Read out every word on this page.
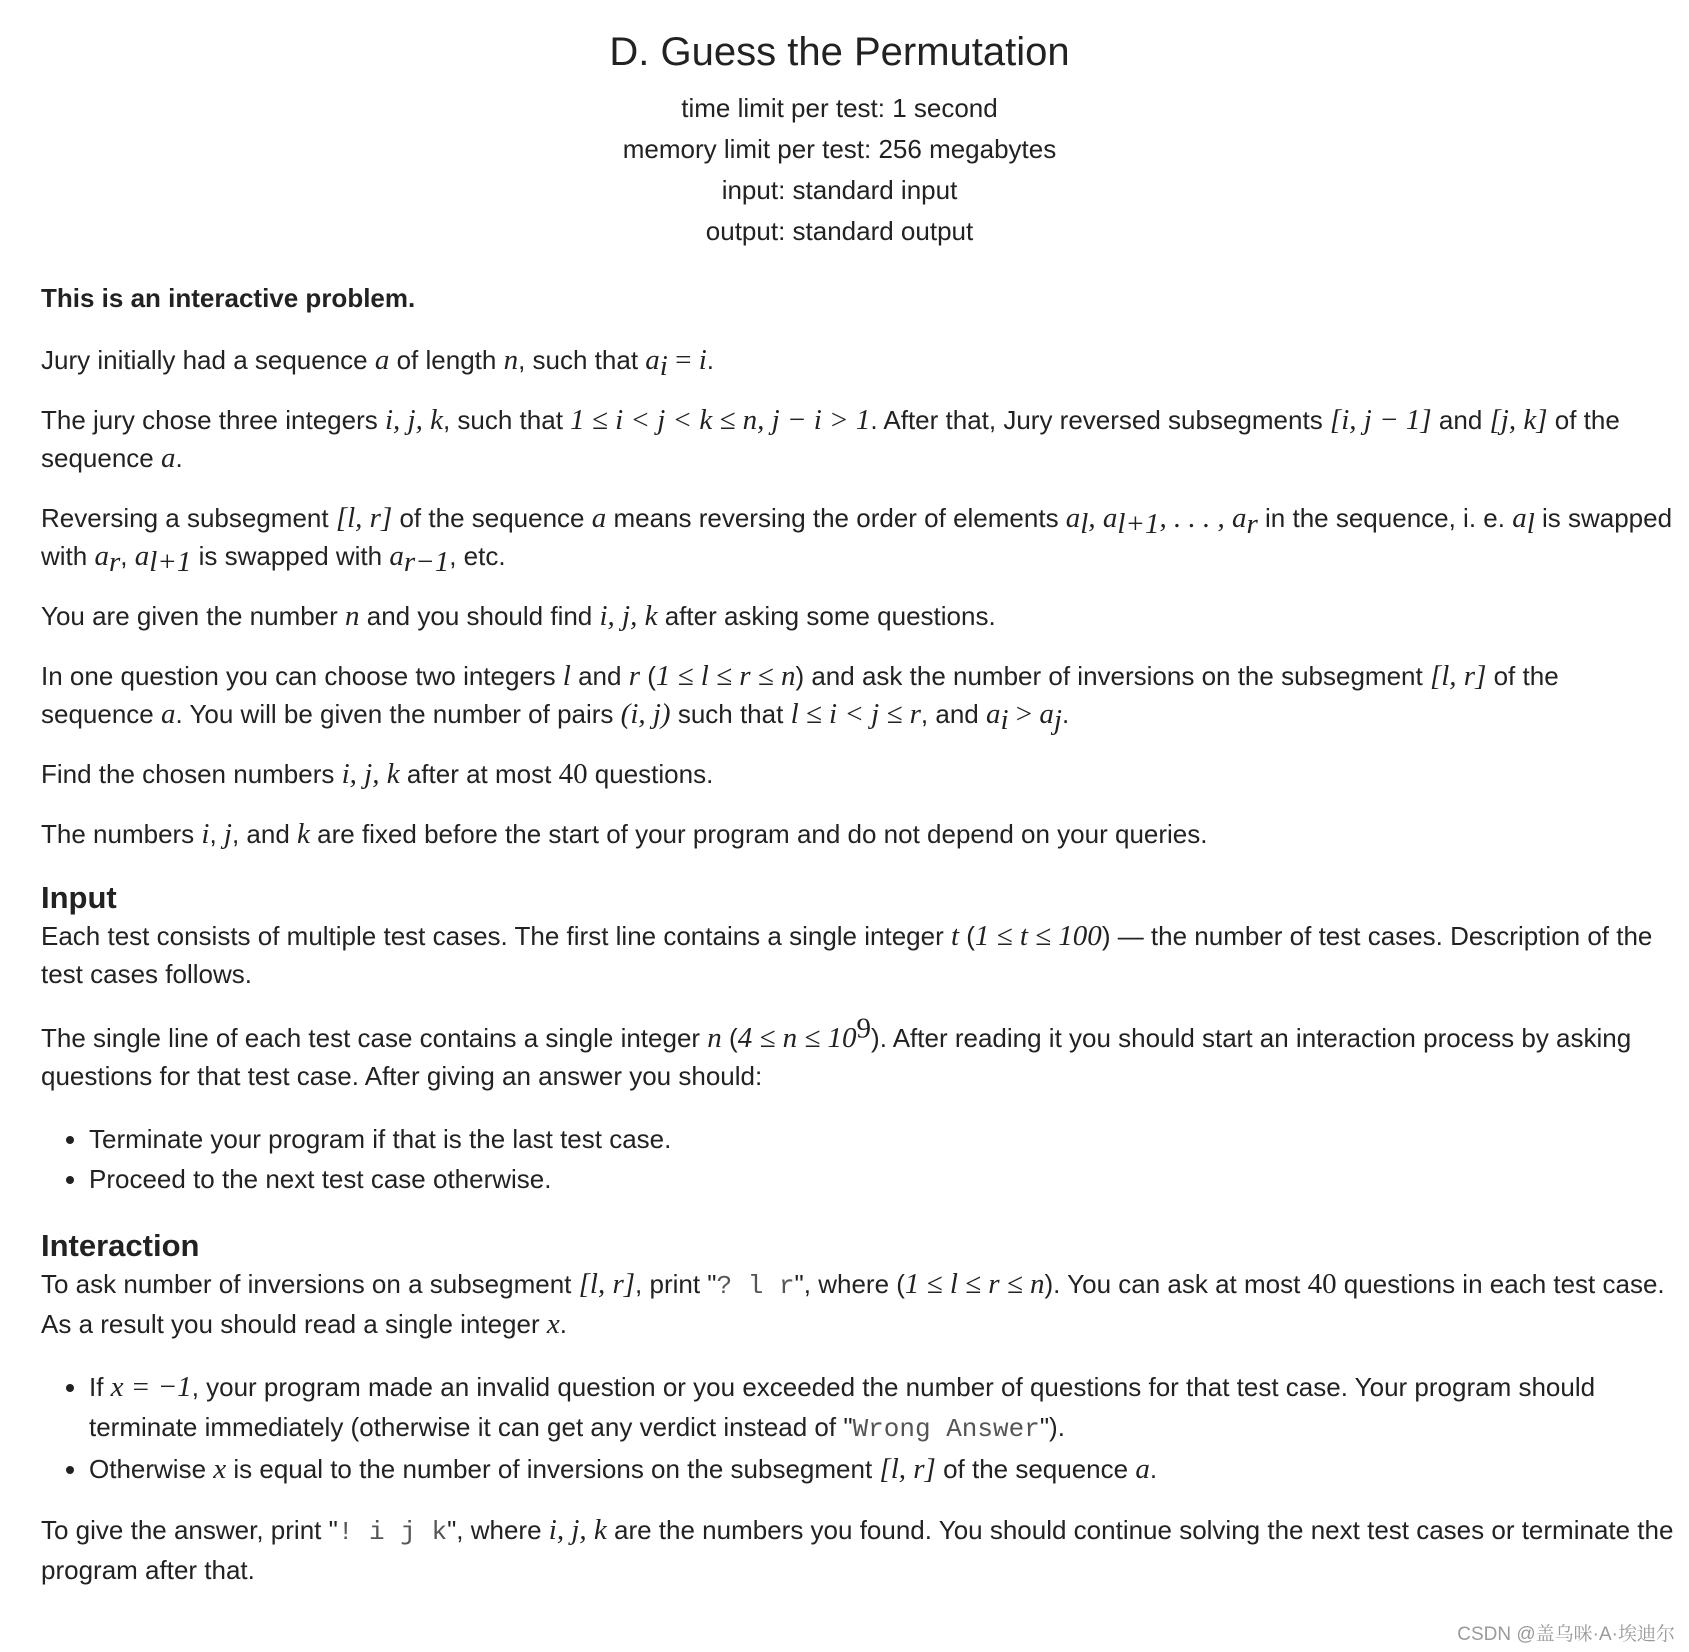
D. Guess the Permutation
time limit per test: 1 second
memory limit per test: 256 megabytes
input: standard input
output: standard output

This is an interactive problem.

Jury initially had a sequence a of length n, such that $a_i = i$.

The jury chose three integers i, j, k, such that 1 ≤ i < j < k ≤ n, j − i > 1. After that, Jury reversed subsegments [i, j − 1] and [j, k] of the sequence a.

Reversing a subsegment [l, r] of the sequence a means reversing the order of elements $a_l$, $a_{l+1}$, . . . , $a_r$ in the sequence, i. e. $a_l$ is swapped with $a_r$, $a_{l+1}$ is swapped with $a_{r-1}$, etc.

You are given the number n and you should find i, j, k after asking some questions.

In one question you can choose two integers l and r (1 ≤ l ≤ r ≤ n) and ask the number of inversions on the subsegment [l, r] of the sequence a. You will be given the number of pairs (i, j) such that l ≤ i < j ≤ r, and $a_i > a_j$.

Find the chosen numbers i, j, k after at most 40 questions.

The numbers i, j, and k are fixed before the start of your program and do not depend on your queries.

Input

Each test consists of multiple test cases. The first line contains a single integer t (1 ≤ t ≤ 100) — the number of test cases. Description of the test cases follows.

The single line of each test case contains a single integer n $(4 \le n \le 10^9)$. After reading it you should start an interaction process by asking questions for that test case. After giving an answer you should:

• Terminate your program if that is the last test case.
• Proceed to the next test case otherwise.
Interaction

To ask number of inversions on a subsegment [l, r], print "? l r", where (1 ≤ l ≤ r ≤ n). You can ask at most 40 questions in each test case. As a result you should read a single integer x.

• If x = −1, your program made an invalid question or you exceeded the number of questions for that test case. Your program should terminate immediately (otherwise it can get any verdict instead of "Wrong Answer").
• Otherwise x is equal to the number of inversions on the subsegment [l, r] of the sequence a.

To give the answer, print "! i j k", where i, j, k are the numbers you found. You should continue solving the next test cases or terminate the program after that.

CSDN @盖乌咪·A·埃迪尔
